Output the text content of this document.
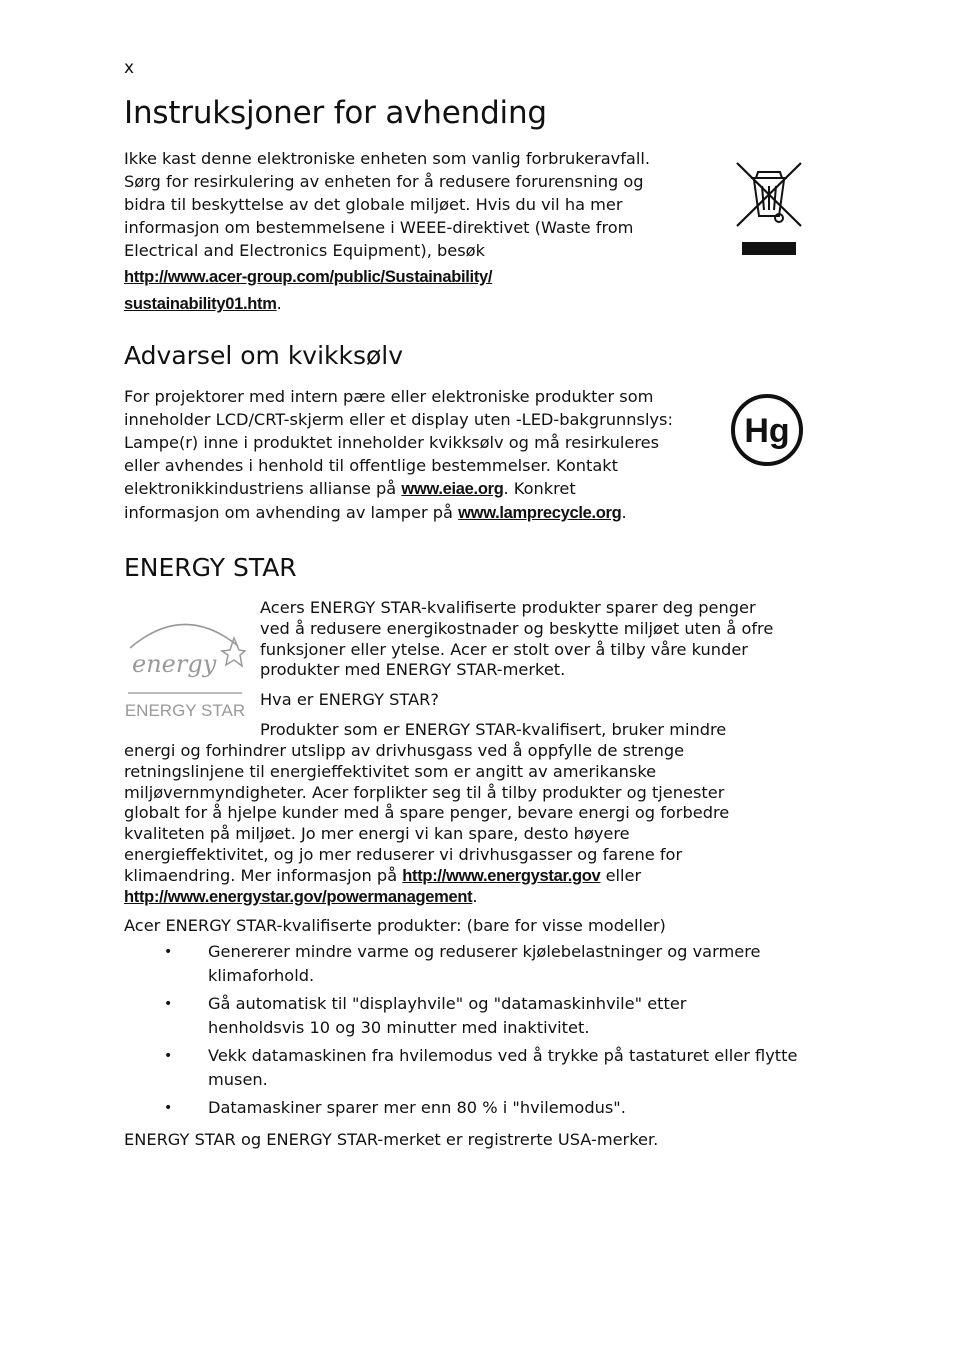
x
Instruksjoner for avhending
Ikke kast denne elektroniske enheten som vanlig forbrukeravfall.
Sørg for resirkulering av enheten for å redusere forurensning og
bidra til beskyttelse av det globale miljøet. Hvis du vil ha mer
informasjon om bestemmelsene i WEEE-direktivet (Waste from
Electrical and Electronics Equipment), besøk
http://www.acer-group.com/public/Sustainability/
sustainability01.htm.
Advarsel om kvikksølv
For projektorer med intern pære eller elektroniske produkter som
inneholder LCD/CRT-skjerm eller et display uten -LED-bakgrunnslys:
Lampe(r) inne i produktet inneholder kvikksølv og må resirkuleres
eller avhendes i henhold til offentlige bestemmelser. Kontakt
elektronikkindustriens allianse på www.eiae.org. Konkret
informasjon om avhending av lamper på www.lamprecycle.org.
Hg
ENERGY STAR
energy
ENERGY STAR
Acers ENERGY STAR-kvalifiserte produkter sparer deg penger
ved å redusere energikostnader og beskytte miljøet uten å ofre
funksjoner eller ytelse. Acer er stolt over å tilby våre kunder
produkter med ENERGY STAR-merket.
Hva er ENERGY STAR?
Produkter som er ENERGY STAR-kvalifisert, bruker mindre
energi og forhindrer utslipp av drivhusgass ved å oppfylle de strenge
retningslinjene til energieffektivitet som er angitt av amerikanske
miljøvernmyndigheter. Acer forplikter seg til å tilby produkter og tjenester
globalt for å hjelpe kunder med å spare penger, bevare energi og forbedre
kvaliteten på miljøet. Jo mer energi vi kan spare, desto høyere
energieffektivitet, og jo mer reduserer vi drivhusgasser og farene for
klimaendring. Mer informasjon på http://www.energystar.gov eller
http://www.energystar.gov/powermanagement.
Acer ENERGY STAR-kvalifiserte produkter: (bare for visse modeller)
• Genererer mindre varme og reduserer kjølebelastninger og varmere klimaforhold.
• Gå automatisk til "displayhvile" og "datamaskinhvile" etter henholdsvis 10 og 30 minutter med inaktivitet.
• Vekk datamaskinen fra hvilemodus ved å trykke på tastaturet eller flytte musen.
• Datamaskiner sparer mer enn 80 % i "hvilemodus".
ENERGY STAR og ENERGY STAR-merket er registrerte USA-merker.
